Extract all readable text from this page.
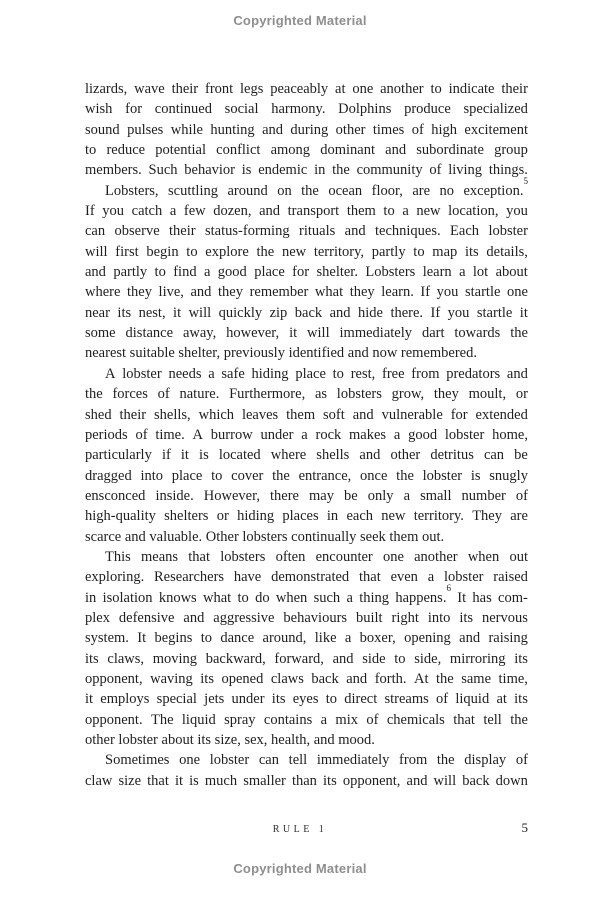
Copyrighted Material
lizards, wave their front legs peaceably at one another to indicate their
wish for continued social harmony. Dolphins produce specialized
sound pulses while hunting and during other times of high excitement
to reduce potential conflict among dominant and subordinate group
members. Such behavior is endemic in the community of living things.
Lobsters, scuttling around on the ocean floor, are no exception.$^5$
If you catch a few dozen, and transport them to a new location, you
can observe their status-forming rituals and techniques. Each lobster
will first begin to explore the new territory, partly to map its details,
and partly to find a good place for shelter. Lobsters learn a lot about
where they live, and they remember what they learn. If you startle one
near its nest, it will quickly zip back and hide there. If you startle it
some distance away, however, it will immediately dart towards the
nearest suitable shelter, previously identified and now remembered.
A lobster needs a safe hiding place to rest, free from predators and
the forces of nature. Furthermore, as lobsters grow, they moult, or
shed their shells, which leaves them soft and vulnerable for extended
periods of time. A burrow under a rock makes a good lobster home,
particularly if it is located where shells and other detritus can be
dragged into place to cover the entrance, once the lobster is snugly
ensconced inside. However, there may be only a small number of
high-quality shelters or hiding places in each new territory. They are
scarce and valuable. Other lobsters continually seek them out.
This means that lobsters often encounter one another when out
exploring. Researchers have demonstrated that even a lobster raised
in isolation knows what to do when such a thing happens.$^6$
It has com-
plex defensive and aggressive behaviours built right into its nervous
system. It begins to dance around, like a boxer, opening and raising
its claws, moving backward, forward, and side to side, mirroring its
opponent, waving its opened claws back and forth. At the same time,
it employs special jets under its eyes to direct streams of liquid at its
opponent. The liquid spray contains a mix of chemicals that tell the
other lobster about its size, sex, health, and mood.
Sometimes one lobster can tell immediately from the display of
claw size that it is much smaller than its opponent, and will back down
RULE 1	5
Copyrighted Material
